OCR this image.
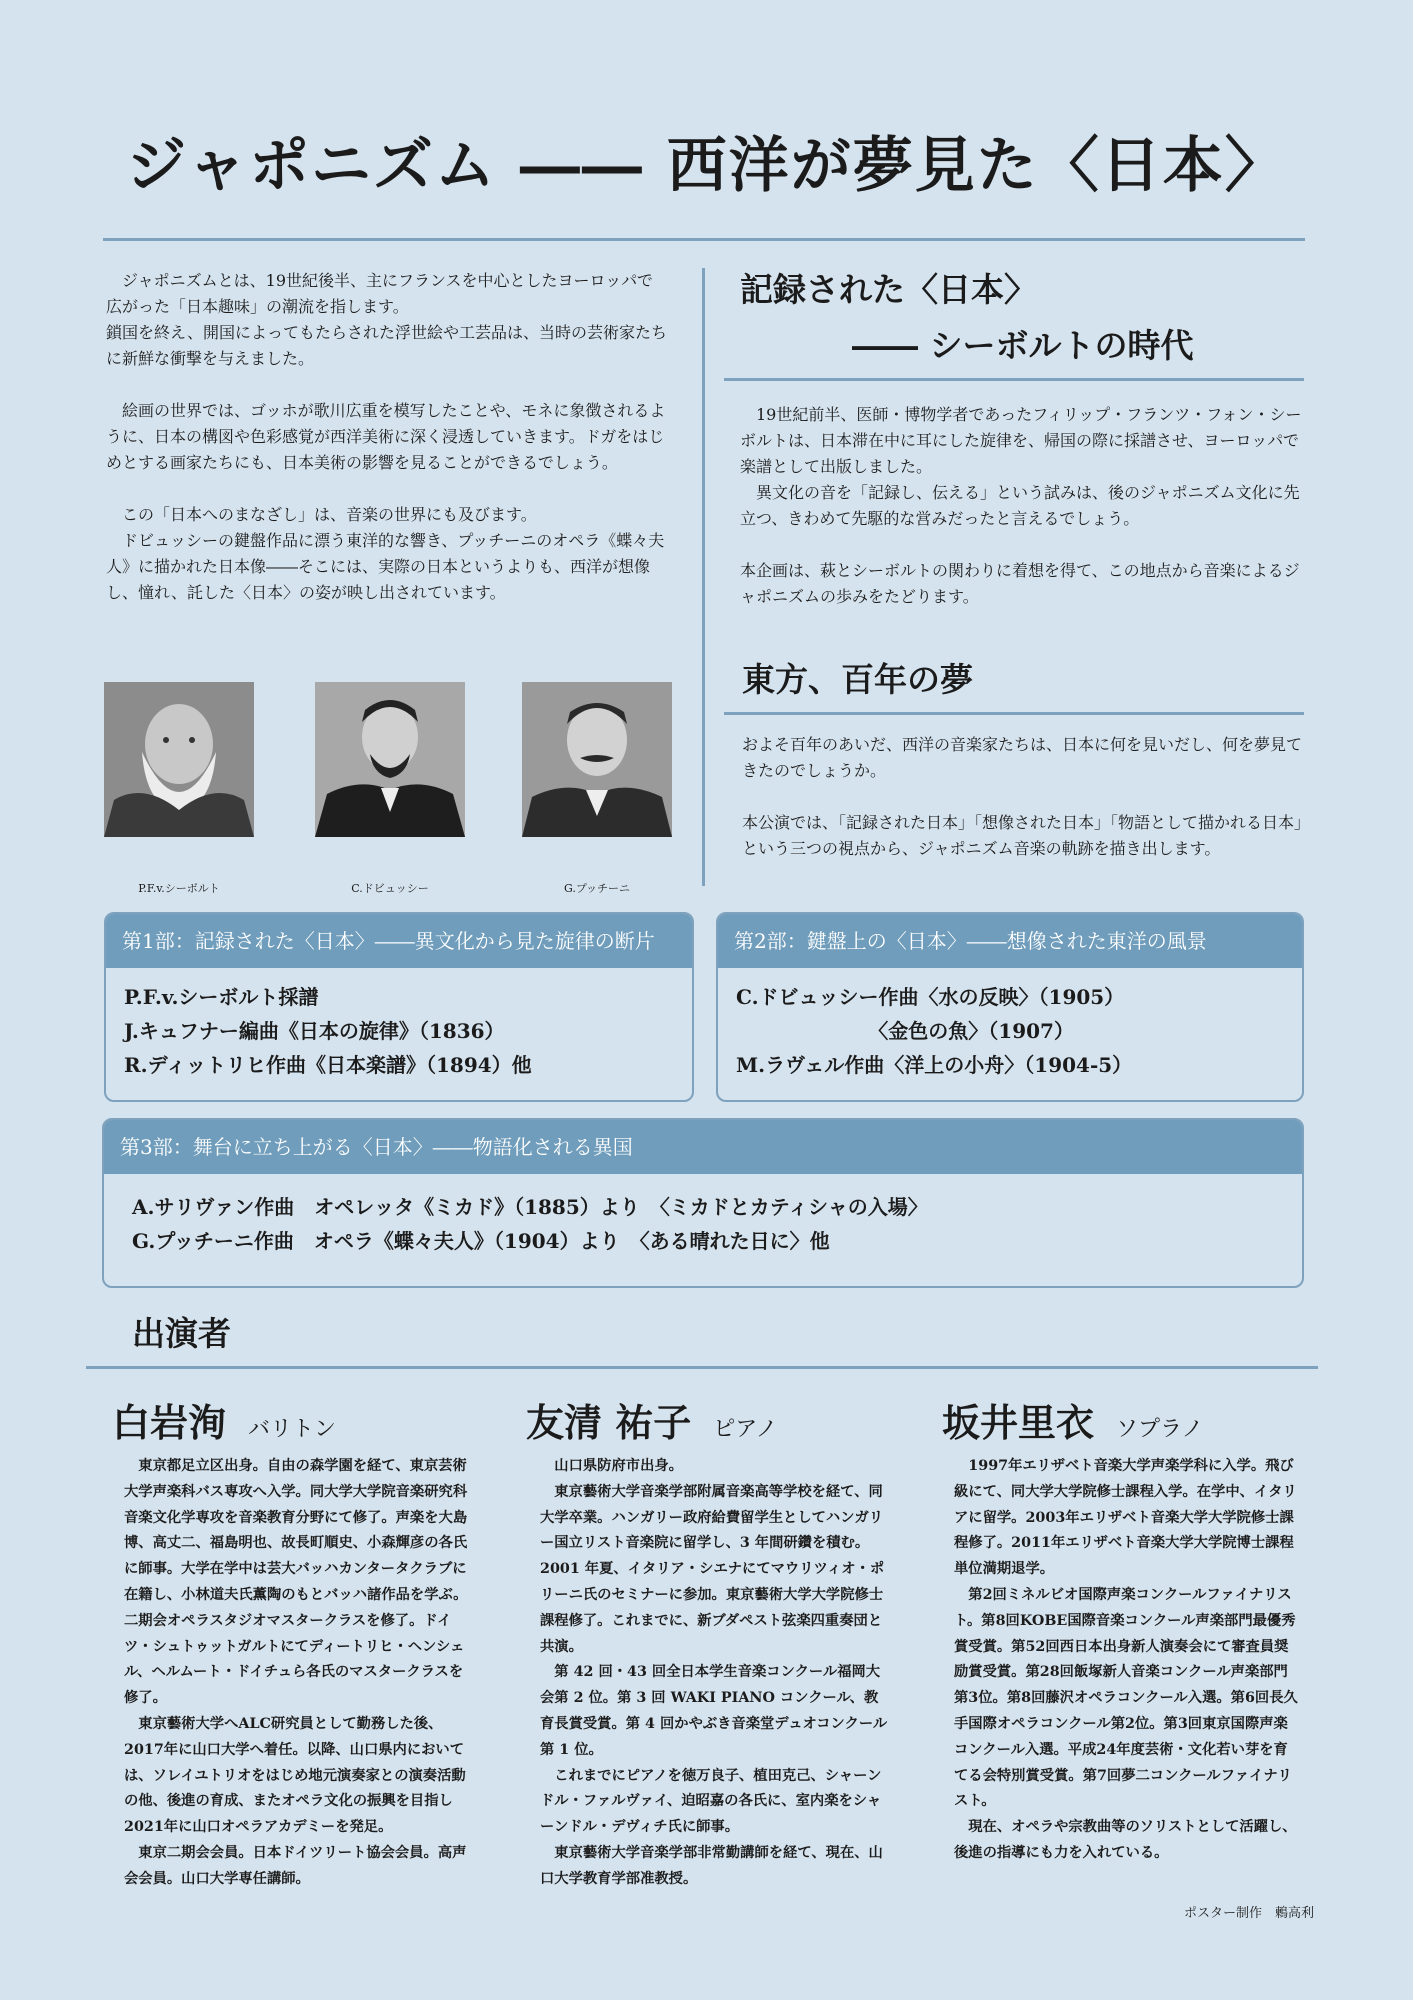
ジャポニズム ―― 西洋が夢見た〈日本〉

　ジャポニズムとは、19世紀後半、主にフランスを中心としたヨーロッパで広がった「日本趣味」の潮流を指します。
鎖国を終え、開国によってもたらされた浮世絵や工芸品は、当時の芸術家たちに新鮮な衝撃を与えました。

　絵画の世界では、ゴッホが歌川広重を模写したことや、モネに象徴されるように、日本の構図や色彩感覚が西洋美術に深く浸透していきます。ドガをはじめとする画家たちにも、日本美術の影響を見ることができるでしょう。

　この「日本へのまなざし」は、音楽の世界にも及びます。
　ドビュッシーの鍵盤作品に漂う東洋的な響き、プッチーニのオペラ《蝶々夫人》に描かれた日本像――そこには、実際の日本というよりも、西洋が想像し、憧れ、託した〈日本〉の姿が映し出されています。

P.F.v.シーボルト	C.ドビュッシー	G.プッチーニ
記録された〈日本〉
―― シーボルトの時代

　19世紀前半、医師・博物学者であったフィリップ・フランツ・フォン・シーボルトは、日本滞在中に耳にした旋律を、帰国の際に採譜させ、ヨーロッパで楽譜として出版しました。
　異文化の音を「記録し、伝える」という試みは、後のジャポニズム文化に先立つ、きわめて先駆的な営みだったと言えるでしょう。

本企画は、萩とシーボルトの関わりに着想を得て、この地点から音楽によるジャポニズムの歩みをたどります。

東方、百年の夢

およそ百年のあいだ、西洋の音楽家たちは、日本に何を見いだし、何を夢見てきたのでしょうか。

本公演では、「記録された日本」「想像された日本」「物語として描かれる日本」という三つの視点から、ジャポニズム音楽の軌跡を描き出します。

第1部：記録された〈日本〉――異文化から見た旋律の断片
P.F.v.シーボルト採譜
J.キュフナー編曲《日本の旋律》（1836）
R.ディットリヒ作曲《日本楽譜》（1894）他
第2部：鍵盤上の〈日本〉――想像された東洋の風景
C.ドビュッシー作曲〈水の反映〉（1905）
〈金色の魚〉（1907）
M.ラヴェル作曲〈洋上の小舟〉（1904-5）
第3部：舞台に立ち上がる〈日本〉――物語化される異国
A.サリヴァン作曲　オペレッタ《ミカド》（1885）より　〈ミカドとカティシャの入場〉
G.プッチーニ作曲　オペラ《蝶々夫人》（1904）より　〈ある晴れた日に〉他
出演者
白岩洵 バリトン
　東京都足立区出身。自由の森学園を経て、東京芸術大学声楽科バス専攻へ入学。同大学大学院音楽研究科音楽文化学専攻を音楽教育分野にて修了。声楽を大島博、高丈二、福島明也、故長町順史、小森輝彦の各氏に師事。大学在学中は芸大バッハカンタータクラブに在籍し、小林道夫氏薫陶のもとバッハ諸作品を学ぶ。二期会オペラスタジオマスタークラスを修了。ドイツ・シュトゥットガルトにてディートリヒ・ヘンシェル、ヘルムート・ドイチュら各氏のマスタークラスを修了。
　東京藝術大学へALC研究員として勤務した後、2017年に山口大学へ着任。以降、山口県内においては、ソレイユトリオをはじめ地元演奏家との演奏活動の他、後進の育成、またオペラ文化の振興を目指し2021年に山口オペラアカデミーを発足。
　東京二期会会員。日本ドイツリート協会会員。高声会会員。山口大学専任講師。
友清 祐子 ピアノ
　山口県防府市出身。
　東京藝術大学音楽学部附属音楽高等学校を経て、同大学卒業。ハンガリー政府給費留学生としてハンガリー国立リスト音楽院に留学し、3 年間研鑽を積む。2001 年夏、イタリア・シエナにてマウリツィオ・ポリーニ氏のセミナーに参加。東京藝術大学大学院修士課程修了。これまでに、新ブダペスト弦楽四重奏団と共演。
　第 42 回・43 回全日本学生音楽コンクール福岡大会第 2 位。第 3 回 WAKI PIANO コンクール、教育長賞受賞。第 4 回かやぶき音楽堂デュオコンクール第 1 位。
　これまでにピアノを徳万良子、植田克己、シャーンドル・ファルヴァイ、迫昭嘉の各氏に、室内楽をシャーンドル・デヴィチ氏に師事。
　東京藝術大学音楽学部非常勤講師を経て、現在、山口大学教育学部准教授。
坂井里衣 ソプラノ
　1997年エリザベト音楽大学声楽学科に入学。飛び級にて、同大学大学院修士課程入学。在学中、イタリアに留学。2003年エリザベト音楽大学大学院修士課程修了。2011年エリザベト音楽大学大学院博士課程単位満期退学。
　第2回ミネルビオ国際声楽コンクールファイナリスト。第8回KOBE国際音楽コンクール声楽部門最優秀賞受賞。第52回西日本出身新人演奏会にて審査員奨励賞受賞。第28回飯塚新人音楽コンクール声楽部門第3位。第8回藤沢オペラコンクール入選。第6回長久手国際オペラコンクール第2位。第3回東京国際声楽コンクール入選。平成24年度芸術・文化若い芽を育てる会特別賞受賞。第7回夢二コンクールファイナリスト。
　現在、オペラや宗教曲等のソリストとして活躍し、後進の指導にも力を入れている。
ポスター制作　鶫高利
